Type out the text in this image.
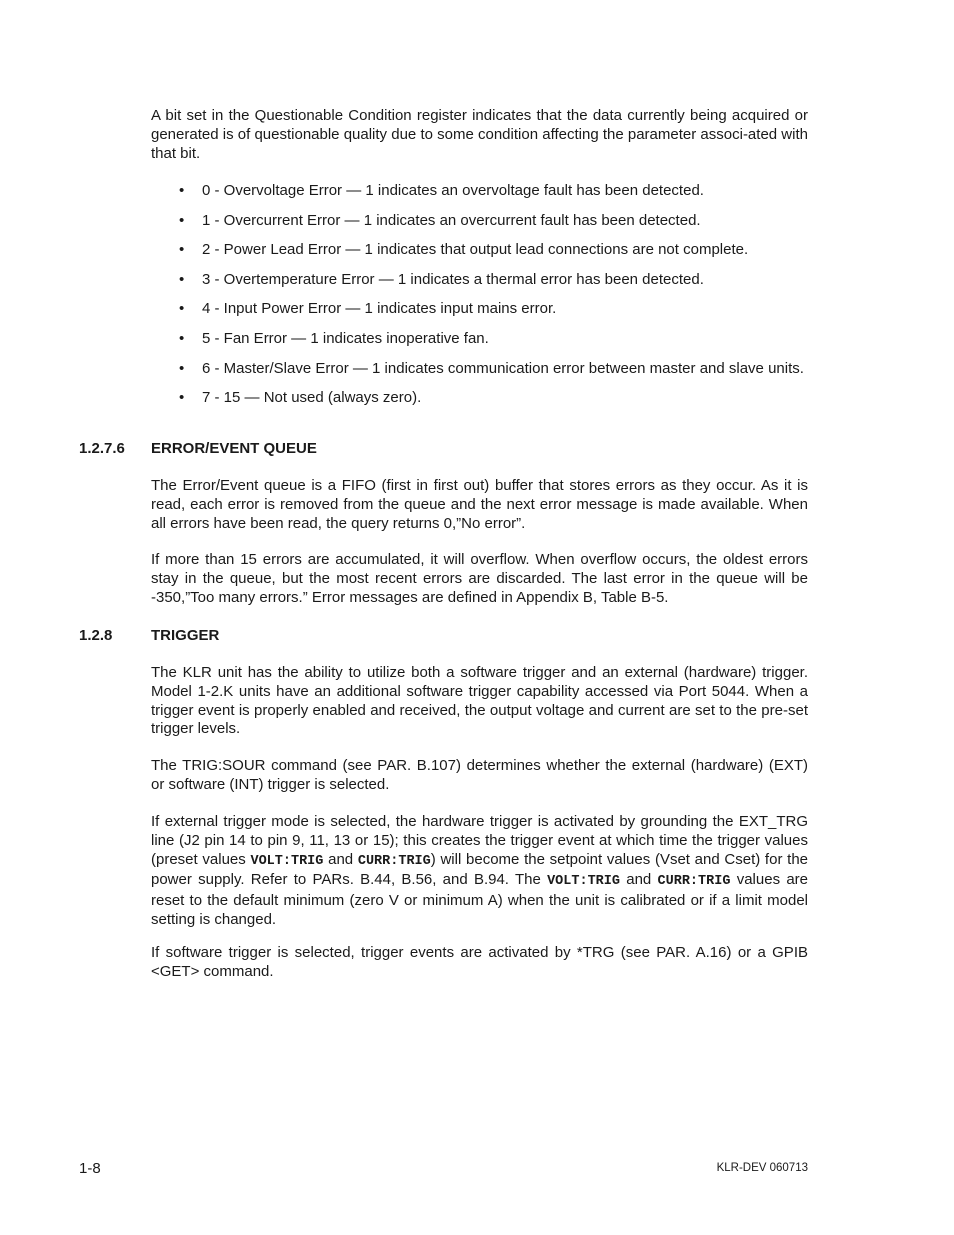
A bit set in the Questionable Condition register indicates that the data currently being acquired or generated is of questionable quality due to some condition affecting the parameter associ-ated with that bit.

• 0 - Overvoltage Error — 1 indicates an overvoltage fault has been detected.
• 1 - Overcurrent Error — 1 indicates an overcurrent fault has been detected.
• 2 - Power Lead Error — 1 indicates that output lead connections are not complete.
• 3 - Overtemperature Error — 1 indicates a thermal error has been detected.
• 4 - Input Power Error — 1 indicates input mains error.
• 5 - Fan Error — 1 indicates inoperative fan.
• 6 - Master/Slave Error — 1 indicates communication error between master and slave units.
• 7 - 15 — Not used (always zero).
1.2.7.6 ERROR/EVENT QUEUE

The Error/Event queue is a FIFO (first in first out) buffer that stores errors as they occur. As it is read, each error is removed from the queue and the next error message is made available. When all errors have been read, the query returns 0,”No error”.

If more than 15 errors are accumulated, it will overflow. When overflow occurs, the oldest errors stay in the queue, but the most recent errors are discarded. The last error in the queue will be -350,”Too many errors.” Error messages are defined in Appendix B, Table B-5.

1.2.8	TRIGGER

The KLR unit has the ability to utilize both a software trigger and an external (hardware) trigger. Model 1-2.K units have an additional software trigger capability accessed via Port 5044. When a trigger event is properly enabled and received, the output voltage and current are set to the pre-set trigger levels.

The TRIG:SOUR command (see PAR. B.107) determines whether the external (hardware) (EXT) or software (INT) trigger is selected.

If external trigger mode is selected, the hardware trigger is activated by grounding the EXT_TRG line (J2 pin 14 to pin 9, 11, 13 or 15); this creates the trigger event at which time the trigger values (preset values VOLT:TRIG and CURR:TRIG) will become the setpoint values (Vset and Cset) for the power supply. Refer to PARs. B.44, B.56, and B.94. The VOLT:TRIG and CURR:TRIG values are reset to the default minimum (zero V or minimum A) when the unit is calibrated or if a limit model setting is changed.

If software trigger is selected, trigger events are activated by *TRG (see PAR. A.16) or a GPIB <GET> command.

1-8	KLR-DEV 060713
